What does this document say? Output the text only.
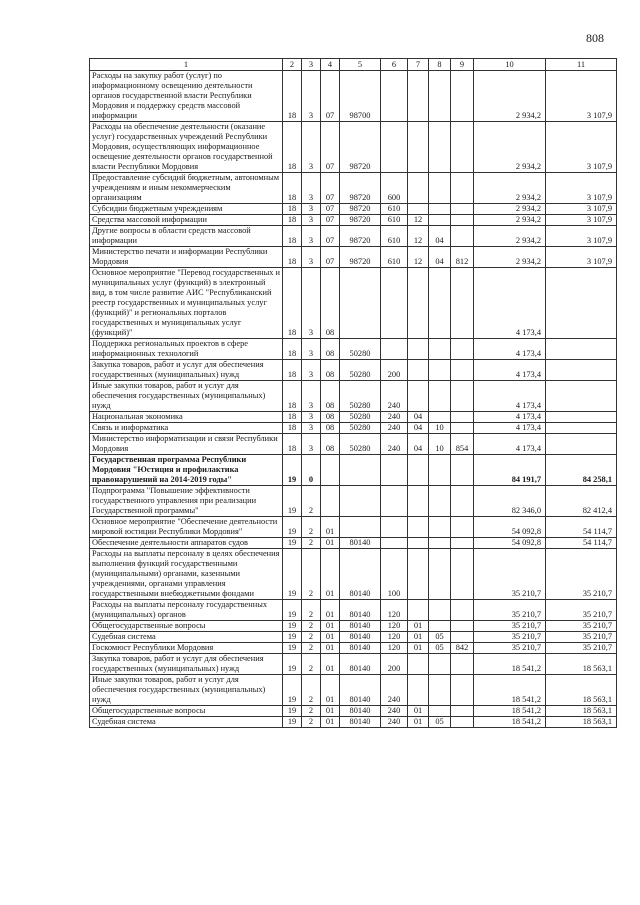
808
1	2	3	4	5	6	7	8	9	10	11
Расходы на закупку работ (услуг) по информационному освещению деятельности органов государственной власти Республики Мордовия и поддержку средств массовой информации	18	3	07	98700					2 934,2	3 107,9
Расходы на обеспечение деятельности (оказание услуг) государственных учреждений Республики Мордовия, осуществляющих информационное освещение деятельности органов государственной власти Республики Мордовия	18	3	07	98720					2 934,2	3 107,9
Предоставление субсидий бюджетным, автономным учреждениям и иным некоммерческим организациям	18	3	07	98720	600				2 934,2	3 107,9
Субсидии бюджетным учреждениям	18	3	07	98720	610				2 934,2	3 107,9
Средства массовой информации	18	3	07	98720	610	12			2 934,2	3 107,9
Другие вопросы в области средств массовой информации	18	3	07	98720	610	12	04		2 934,2	3 107,9
Министерство печати и информации Республики Мордовия	18	3	07	98720	610	12	04	812	2 934,2	3 107,9
Основное мероприятие "Перевод государственных и муниципальных услуг (функций) в электронный вид, в том числе развитие АИС "Республиканский реестр государственных и муниципальных услуг (функций)" и региональных порталов государственных и муниципальных услуг (функций)"	18	3	08						4 173,4	
Поддержка региональных проектов в сфере информационных технологий	18	3	08	50280					4 173,4	
Закупка товаров, работ и услуг для обеспечения государственных (муниципальных) нужд	18	3	08	50280	200				4 173,4	
Иные закупки товаров, работ и услуг для обеспечения государственных (муниципальных) нужд	18	3	08	50280	240				4 173,4	
Национальная экономика	18	3	08	50280	240	04			4 173,4	
Связь и информатика	18	3	08	50280	240	04	10		4 173,4	
Министерство информатизации и связи Республики Мордовия	18	3	08	50280	240	04	10	854	4 173,4	
Государственная программа Республики Мордовия "Юстиция и профилактика правонарушений на 2014-2019 годы"	19	0							84 191,7	84 258,1
Подпрограмма "Повышение эффективности государственного управления при реализации Государственной программы"	19	2							82 346,0	82 412,4
Основное мероприятие "Обеспечение деятельности мировой юстиции Республики Мордовия"	19	2	01						54 092,8	54 114,7
Обеспечение деятельности аппаратов судов	19	2	01	80140					54 092,8	54 114,7
Расходы на выплаты персоналу в целях обеспечения выполнения функций государственными (муниципальными) органами, казенными учреждениями, органами управления государственными внебюджетными фондами	19	2	01	80140	100				35 210,7	35 210,7
Расходы на выплаты персоналу государственных (муниципальных) органов	19	2	01	80140	120				35 210,7	35 210,7
Общегосударственные вопросы	19	2	01	80140	120	01			35 210,7	35 210,7
Судебная система	19	2	01	80140	120	01	05		35 210,7	35 210,7
Госкомюст Республики Мордовия	19	2	01	80140	120	01	05	842	35 210,7	35 210,7
Закупка товаров, работ и услуг для обеспечения государственных (муниципальных) нужд	19	2	01	80140	200				18 541,2	18 563,1
Иные закупки товаров, работ и услуг для обеспечения государственных (муниципальных) нужд	19	2	01	80140	240				18 541,2	18 563,1
Общегосударственные вопросы	19	2	01	80140	240	01			18 541,2	18 563,1
Судебная система	19	2	01	80140	240	01	05		18 541,2	18 563,1
